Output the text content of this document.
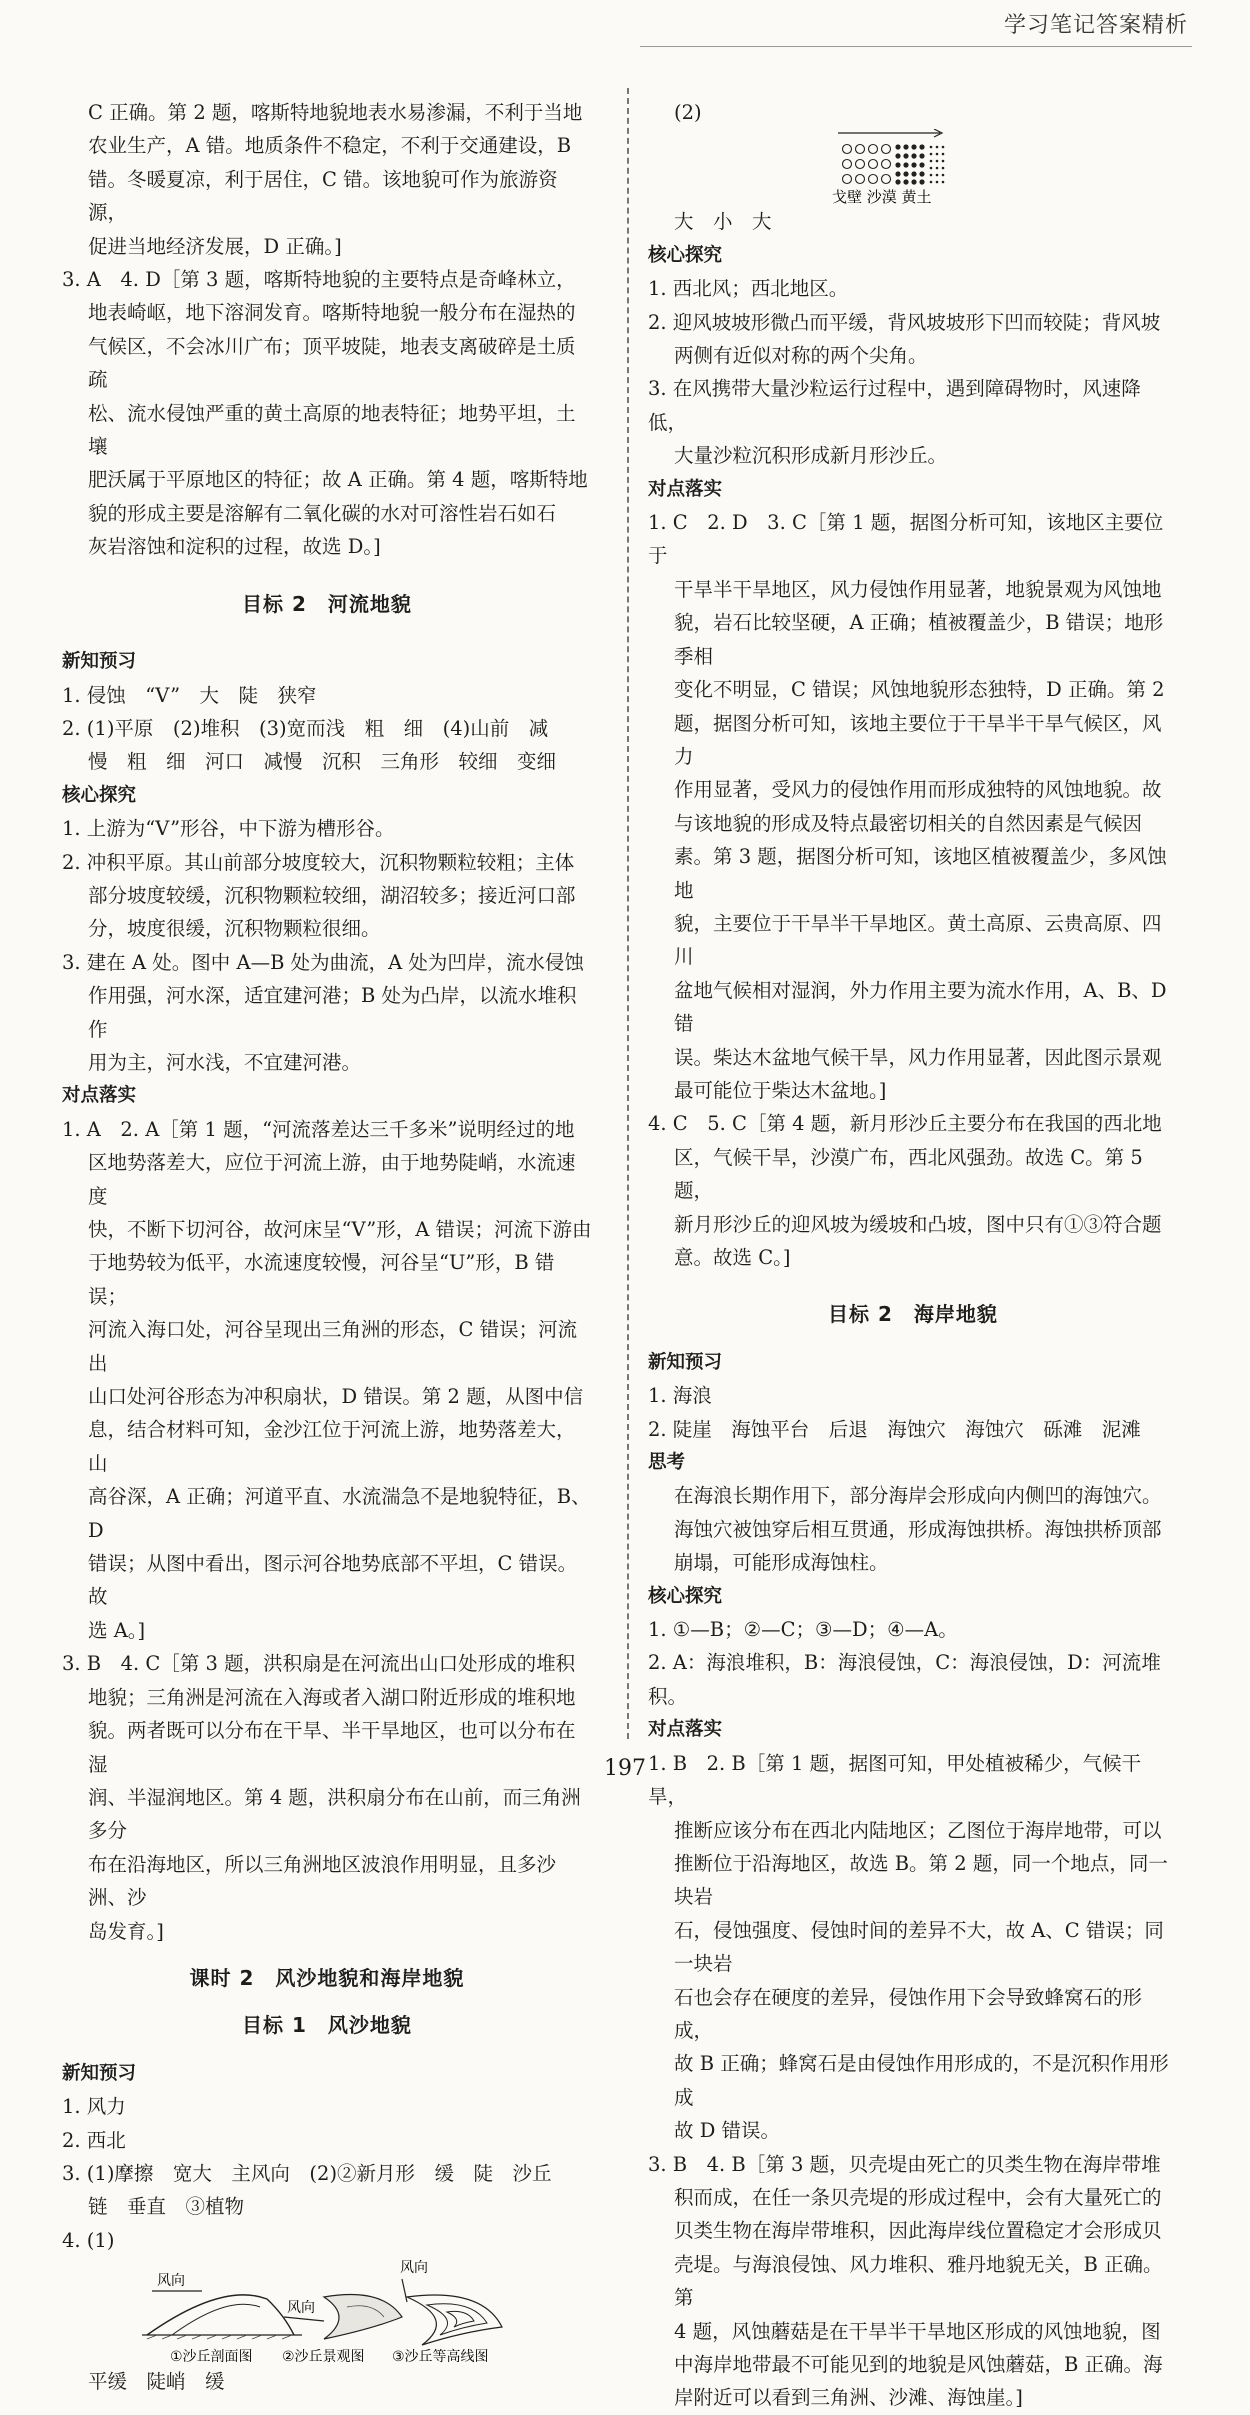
学习笔记答案精析

C 正确。第 2 题，喀斯特地貌地表水易渗漏，不利于当地

农业生产，A 错。地质条件不稳定，不利于交通建设，B

错。冬暖夏凉，利于居住，C 错。该地貌可作为旅游资源，

促进当地经济发展，D 正确。]

3. A　4. D［第 3 题，喀斯特地貌的主要特点是奇峰林立，

地表崎岖，地下溶洞发育。喀斯特地貌一般分布在湿热的

气候区，不会冰川广布；顶平坡陡，地表支离破碎是土质疏

松、流水侵蚀严重的黄土高原的地表特征；地势平坦，土壤

肥沃属于平原地区的特征；故 A 正确。第 4 题，喀斯特地

貌的形成主要是溶解有二氧化碳的水对可溶性岩石如石

灰岩溶蚀和淀积的过程，故选 D。]

目标 2　河流地貌

新知预习

1. 侵蚀　“V”　大　陡　狭窄

2. (1)平原　(2)堆积　(3)宽而浅　粗　细　(4)山前　减

慢　粗　细　河口　减慢　沉积　三角形　较细　变细

核心探究

1. 上游为“V”形谷，中下游为槽形谷。

2. 冲积平原。其山前部分坡度较大，沉积物颗粒较粗；主体

部分坡度较缓，沉积物颗粒较细，湖沼较多；接近河口部

分，坡度很缓，沉积物颗粒很细。

3. 建在 A 处。图中 A—B 处为曲流，A 处为凹岸，流水侵蚀

作用强，河水深，适宜建河港；B 处为凸岸，以流水堆积作

用为主，河水浅，不宜建河港。

对点落实

1. A　2. A［第 1 题，“河流落差达三千多米”说明经过的地

区地势落差大，应位于河流上游，由于地势陡峭，水流速度

快，不断下切河谷，故河床呈“V”形，A 错误；河流下游由

于地势较为低平，水流速度较慢，河谷呈“U”形，B 错误；

河流入海口处，河谷呈现出三角洲的形态，C 错误；河流出

山口处河谷形态为冲积扇状，D 错误。第 2 题，从图中信

息，结合材料可知，金沙江位于河流上游，地势落差大，山

高谷深，A 正确；河道平直、水流湍急不是地貌特征，B、D

错误；从图中看出，图示河谷地势底部不平坦，C 错误。故

选 A。]

3. B　4. C［第 3 题，洪积扇是在河流出山口处形成的堆积

地貌；三角洲是河流在入海或者入湖口附近形成的堆积地

貌。两者既可以分布在干旱、半干旱地区，也可以分布在湿

润、半湿润地区。第 4 题，洪积扇分布在山前，而三角洲多分

布在沿海地区，所以三角洲地区波浪作用明显，且多沙洲、沙

岛发育。]

课时 2　风沙地貌和海岸地貌

目标 1　风沙地貌

新知预习

1. 风力

2. 西北

3. (1)摩擦　宽大　主风向　(2)②新月形　缓　陡　沙丘

链　垂直　③植物

4. (1)

风向
①沙丘剖面图
风向
②沙丘景观图
风向
③沙丘等高线图

平缓　陡峭　缓

(2)

戈壁 沙漠 黄土

大　小　大

核心探究

1. 西北风；西北地区。

2. 迎风坡坡形微凸而平缓，背风坡坡形下凹而较陡；背风坡

两侧有近似对称的两个尖角。

3. 在风携带大量沙粒运行过程中，遇到障碍物时，风速降低，

大量沙粒沉积形成新月形沙丘。

对点落实

1. C　2. D　3. C［第 1 题，据图分析可知，该地区主要位于

干旱半干旱地区，风力侵蚀作用显著，地貌景观为风蚀地

貌，岩石比较坚硬，A 正确；植被覆盖少，B 错误；地形季相

变化不明显，C 错误；风蚀地貌形态独特，D 正确。第 2

题，据图分析可知，该地主要位于干旱半干旱气候区，风力

作用显著，受风力的侵蚀作用而形成独特的风蚀地貌。故

与该地貌的形成及特点最密切相关的自然因素是气候因

素。第 3 题，据图分析可知，该地区植被覆盖少，多风蚀地

貌，主要位于干旱半干旱地区。黄土高原、云贵高原、四川

盆地气候相对湿润，外力作用主要为流水作用，A、B、D 错

误。柴达木盆地气候干旱，风力作用显著，因此图示景观

最可能位于柴达木盆地。]

4. C　5. C［第 4 题，新月形沙丘主要分布在我国的西北地

区，气候干旱，沙漠广布，西北风强劲。故选 C。第 5 题，

新月形沙丘的迎风坡为缓坡和凸坡，图中只有①③符合题

意。故选 C。]

目标 2　海岸地貌

新知预习

1. 海浪

2. 陡崖　海蚀平台　后退　海蚀穴　海蚀穴　砾滩　泥滩

思考

在海浪长期作用下，部分海岸会形成向内侧凹的海蚀穴。

海蚀穴被蚀穿后相互贯通，形成海蚀拱桥。海蚀拱桥顶部

崩塌，可能形成海蚀柱。

核心探究

1. ①—B；②—C；③—D；④—A。

2. A：海浪堆积，B：海浪侵蚀，C：海浪侵蚀，D：河流堆积。

对点落实

1. B　2. B［第 1 题，据图可知，甲处植被稀少，气候干旱，

推断应该分布在西北内陆地区；乙图位于海岸地带，可以

推断位于沿海地区，故选 B。第 2 题，同一个地点，同一块岩

石，侵蚀强度、侵蚀时间的差异不大，故 A、C 错误；同一块岩

石也会存在硬度的差异，侵蚀作用下会导致蜂窝石的形成，

故 B 正确；蜂窝石是由侵蚀作用形成的，不是沉积作用形成

故 D 错误。

3. B　4. B［第 3 题，贝壳堤由死亡的贝类生物在海岸带堆

积而成，在任一条贝壳堤的形成过程中，会有大量死亡的

贝类生物在海岸带堆积，因此海岸线位置稳定才会形成贝

壳堤。与海浪侵蚀、风力堆积、雅丹地貌无关，B 正确。第

4 题，风蚀蘑菇是在干旱半干旱地区形成的风蚀地貌，图

中海岸地带最不可能见到的地貌是风蚀蘑菇，B 正确。海

岸附近可以看到三角洲、沙滩、海蚀崖。]

197
